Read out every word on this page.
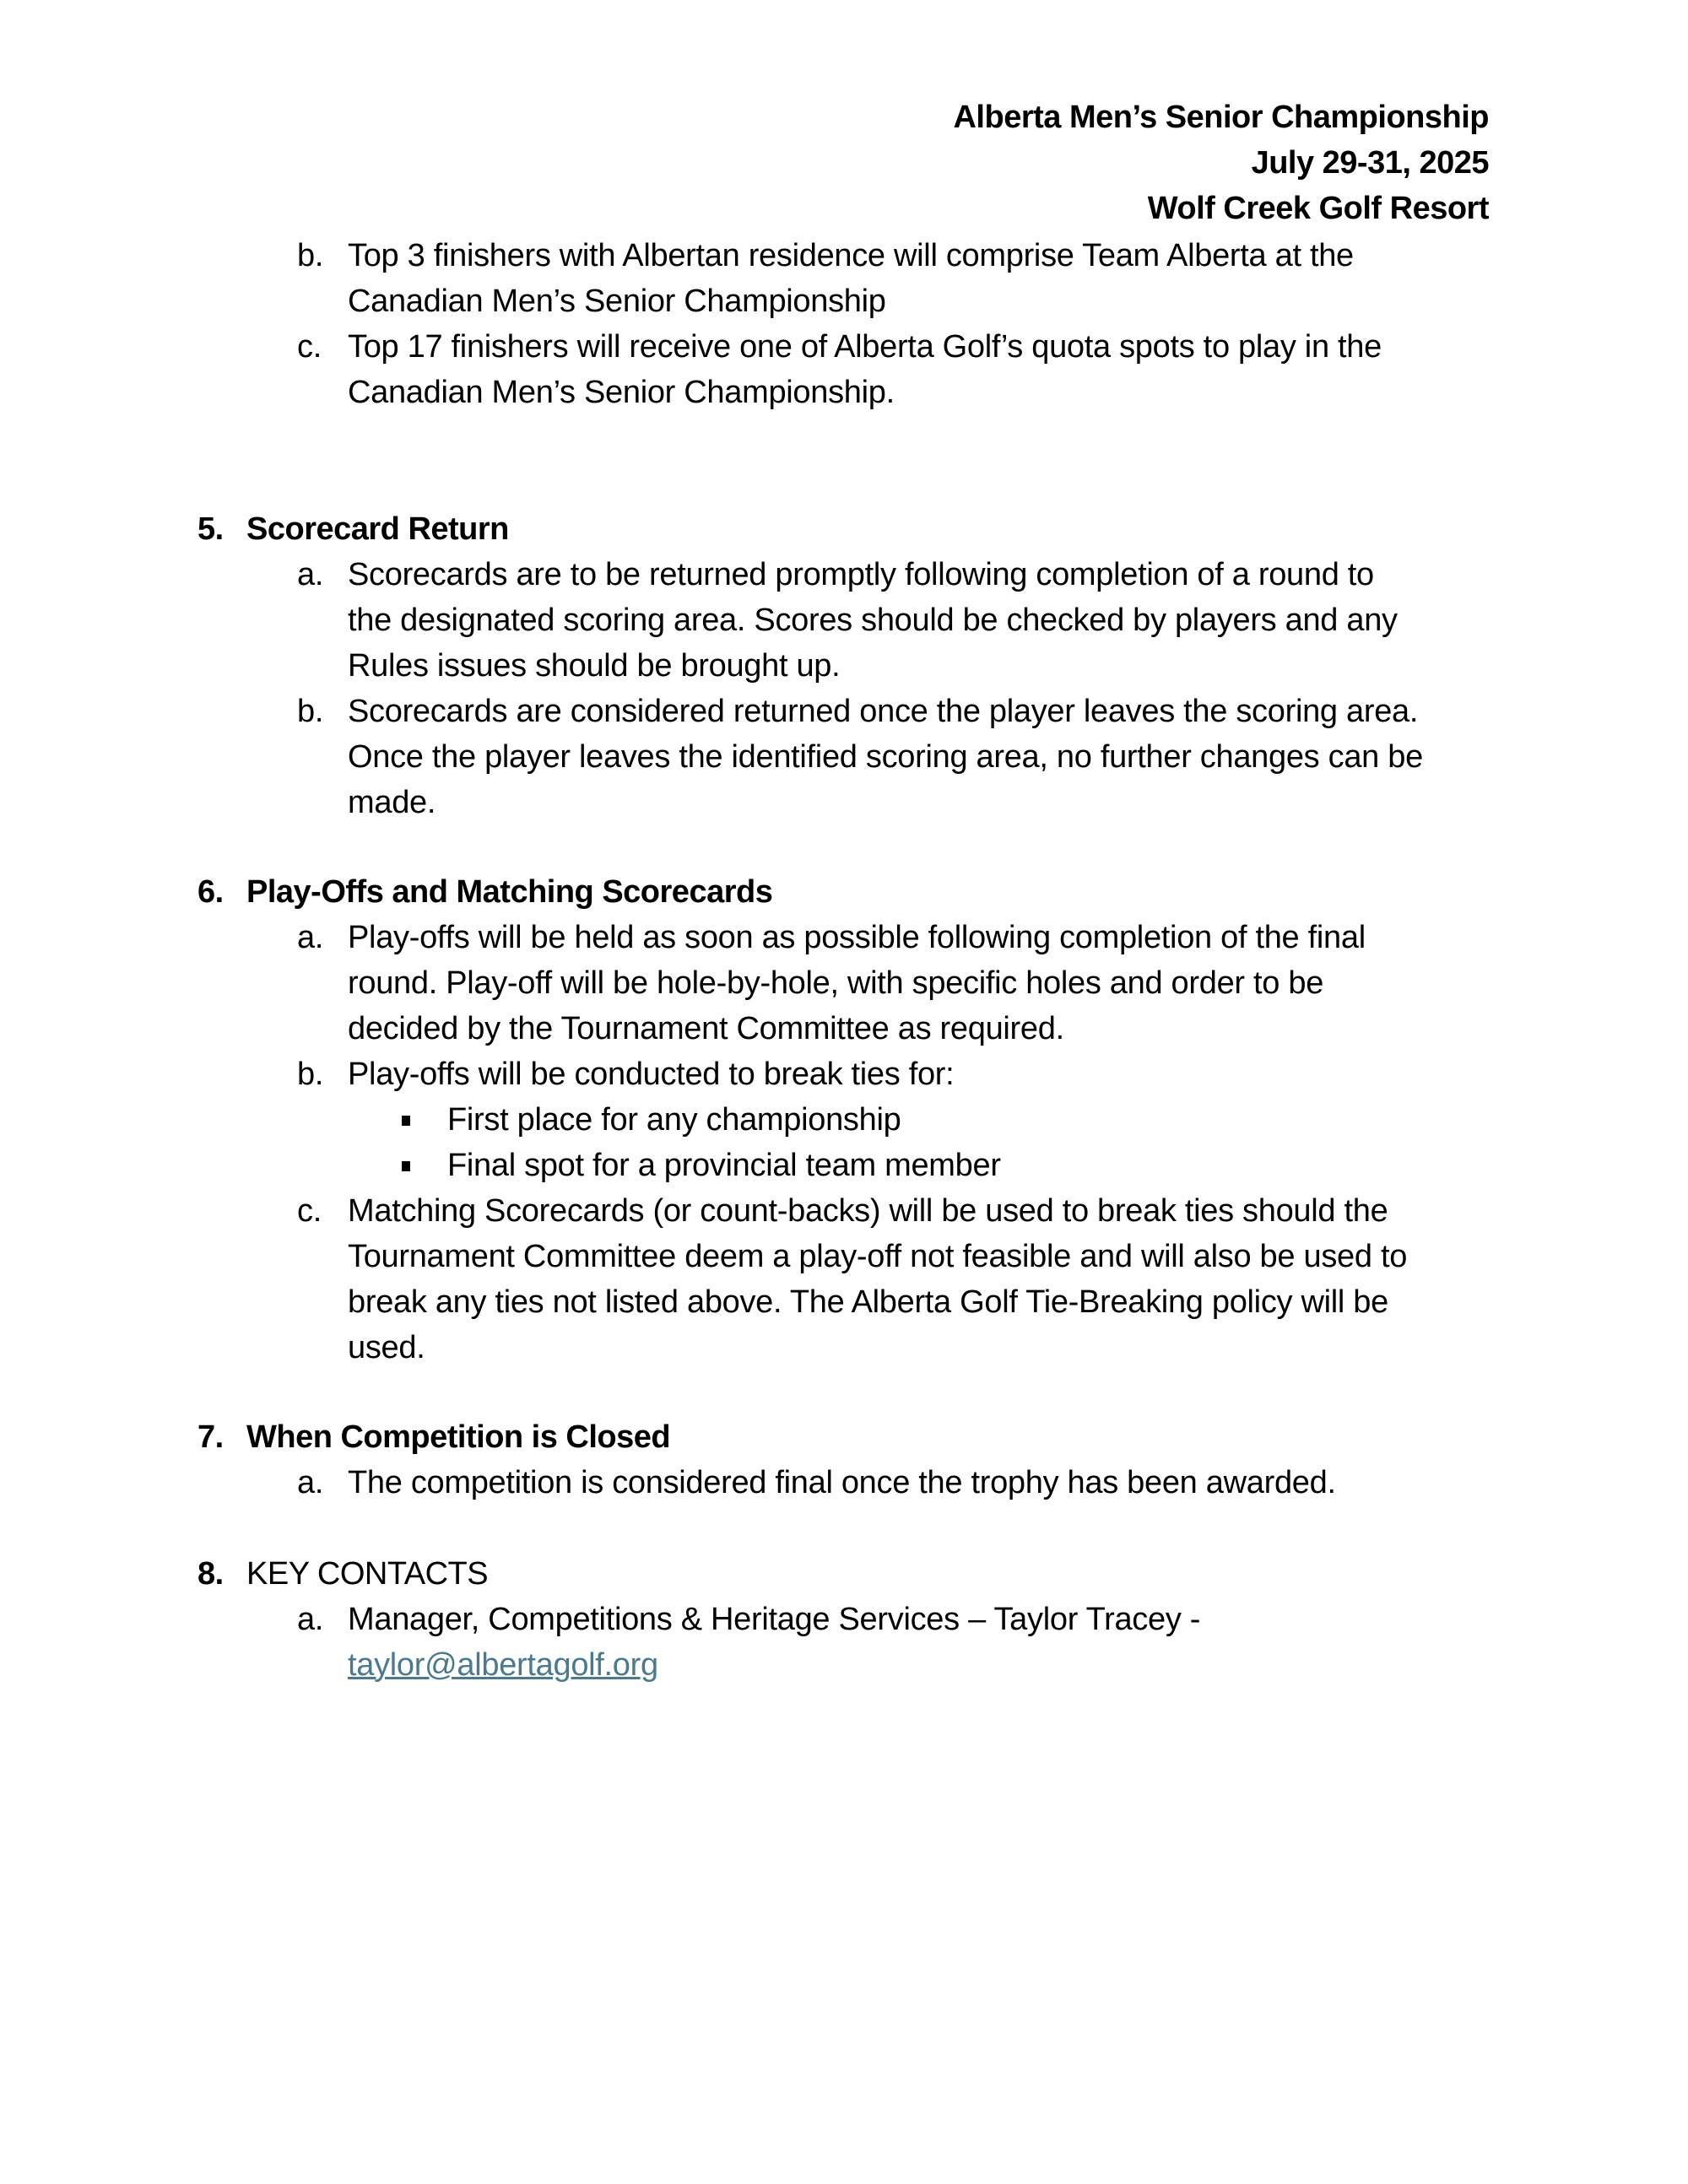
Alberta Men’s Senior Championship
July 29-31, 2025
Wolf Creek Golf Resort
b. Top 3 finishers with Albertan residence will comprise Team Alberta at the
Canadian Men’s Senior Championship
c. Top 17 finishers will receive one of Alberta Golf’s quota spots to play in the
Canadian Men’s Senior Championship.
5. Scorecard Return
a. Scorecards are to be returned promptly following completion of a round to
the designated scoring area. Scores should be checked by players and any
Rules issues should be brought up.
b. Scorecards are considered returned once the player leaves the scoring area.
Once the player leaves the identified scoring area, no further changes can be
made.
6. Play-Offs and Matching Scorecards
a. Play-offs will be held as soon as possible following completion of the final
round. Play-off will be hole-by-hole, with specific holes and order to be
decided by the Tournament Committee as required.
b. Play-offs will be conducted to break ties for:
First place for any championship
Final spot for a provincial team member
c. Matching Scorecards (or count-backs) will be used to break ties should the
Tournament Committee deem a play-off not feasible and will also be used to
break any ties not listed above. The Alberta Golf Tie-Breaking policy will be
used.
7. When Competition is Closed
a. The competition is considered final once the trophy has been awarded.
8. KEY CONTACTS
a. Manager, Competitions & Heritage Services – Taylor Tracey -
taylor@albertagolf.org
